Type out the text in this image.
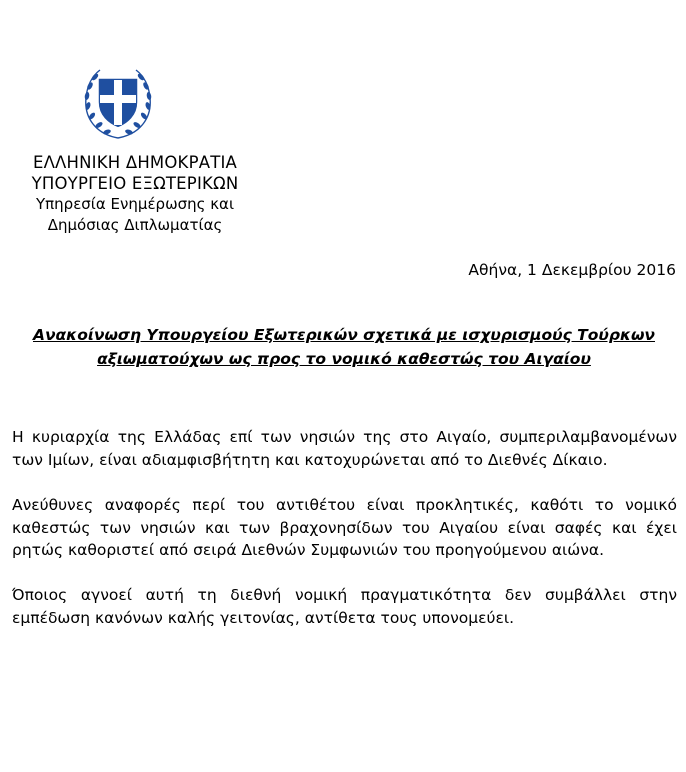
ΕΛΛΗΝΙΚΗ ΔΗΜΟΚΡΑΤΙΑ
ΥΠΟΥΡΓΕΙΟ ΕΞΩΤΕΡΙΚΩΝ
Υπηρεσία Ενημέρωσης και
Δημόσιας Διπλωματίας
Αθήνα, 1 Δεκεμβρίου 2016
Ανακοίνωση Υπουργείου Εξωτερικών σχετικά με ισχυρισμούς Τούρκων αξιωματούχων ως προς το νομικό καθεστώς του Αιγαίου

Η κυριαρχία της Ελλάδας επί των νησιών της στο Αιγαίο, συμπεριλαμβανομένων των Ιμίων, είναι αδιαμφισβήτητη και κατοχυρώνεται από το Διεθνές Δίκαιο.

Ανεύθυνες αναφορές περί του αντιθέτου είναι προκλητικές, καθότι το νομικό καθεστώς των νησιών και των βραχονησίδων του Αιγαίου είναι σαφές και έχει ρητώς καθοριστεί από σειρά Διεθνών Συμφωνιών του προηγούμενου αιώνα.

Όποιος αγνοεί αυτή τη διεθνή νομική πραγματικότητα δεν συμβάλλει στην εμπέδωση κανόνων καλής γειτονίας, αντίθετα τους υπονομεύει.
